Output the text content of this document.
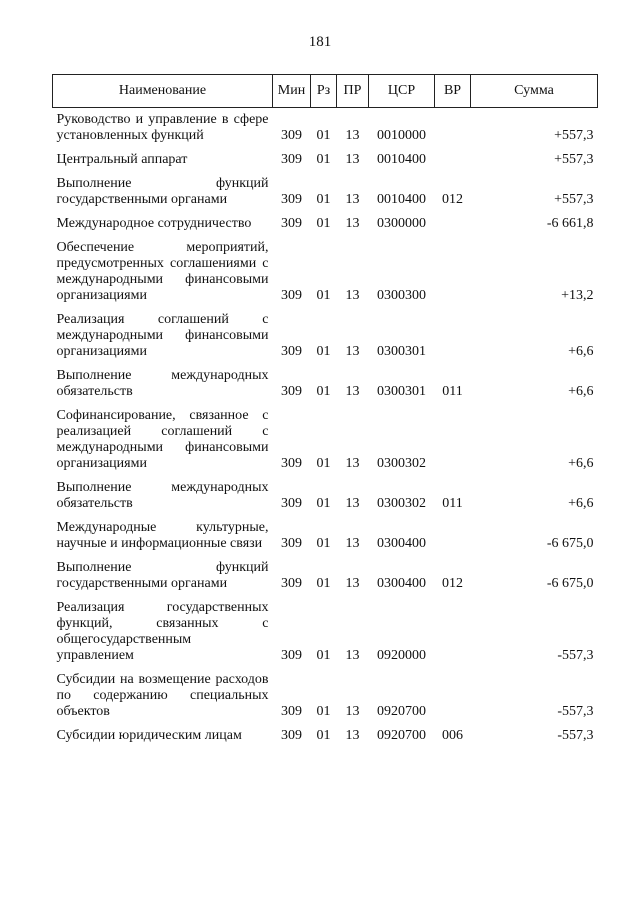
181
Наименование	Мин	Рз	ПР	ЦСР	ВР	Сумма
Руководство и управление в сфере установленных функций	309	01	13	0010000		+557,3
Центральный аппарат	309	01	13	0010400		+557,3
Выполнение функций государственными органами	309	01	13	0010400	012	+557,3
Международное сотрудничество	309	01	13	0300000		-6 661,8
Обеспечение мероприятий, предусмотренных соглашениями с международными финансовыми организациями	309	01	13	0300300		+13,2
Реализация соглашений с международными финансовыми организациями	309	01	13	0300301		+6,6
Выполнение международных обязательств	309	01	13	0300301	011	+6,6
Софинансирование, связанное с реализацией соглашений с международными финансовыми организациями	309	01	13	0300302		+6,6
Выполнение международных обязательств	309	01	13	0300302	011	+6,6
Международные культурные, научные и информационные связи	309	01	13	0300400		-6 675,0
Выполнение функций государственными органами	309	01	13	0300400	012	-6 675,0
Реализация государственных функций, связанных с общегосударственным управлением	309	01	13	0920000		-557,3
Субсидии на возмещение расходов по содержанию специальных объектов	309	01	13	0920700		-557,3
Субсидии юридическим лицам	309	01	13	0920700	006	-557,3
